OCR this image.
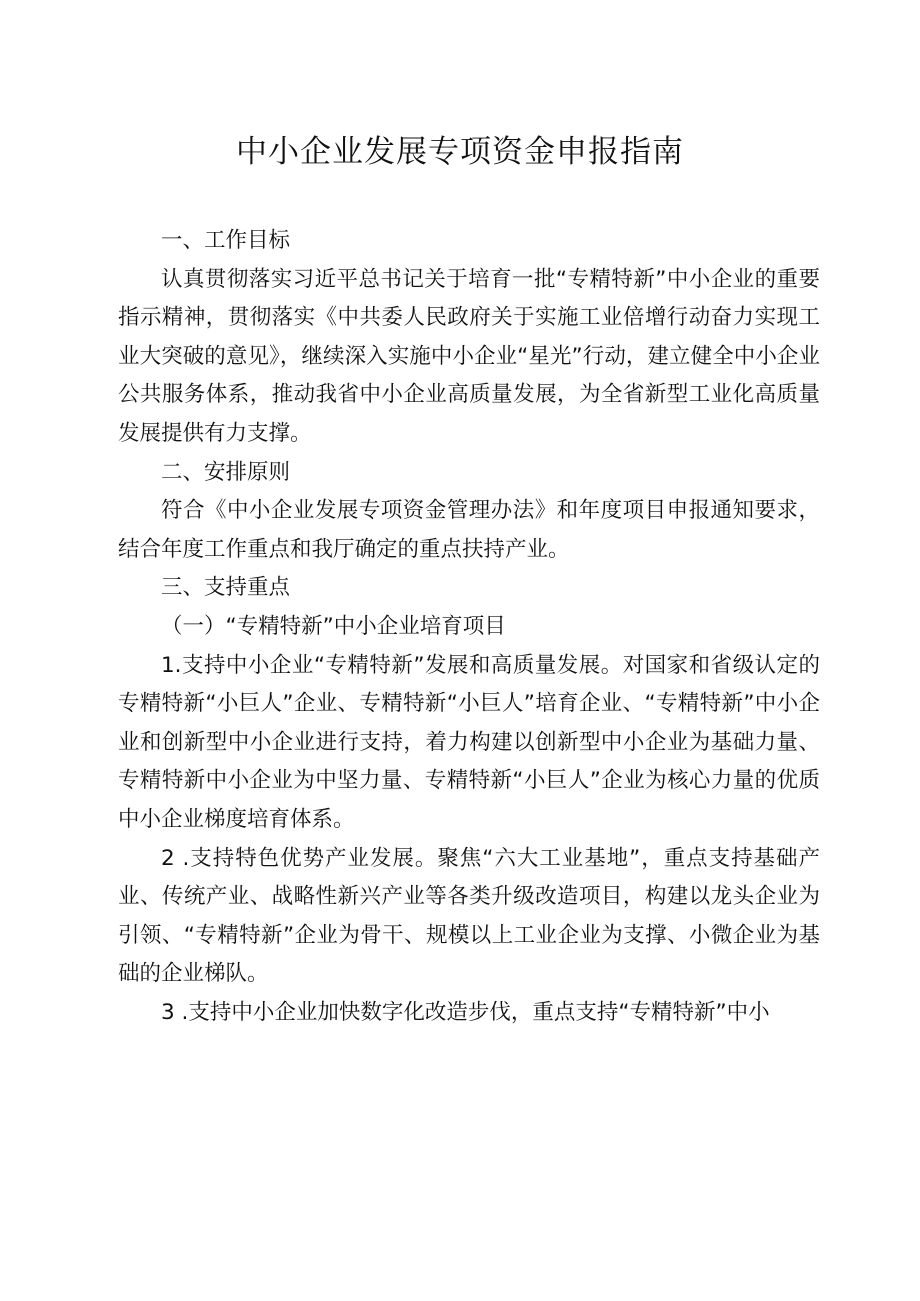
中小企业发展专项资金申报指南

一、工作目标

认真贯彻落实习近平总书记关于培育一批“专精特新”中小企业的重要指示精神，贯彻落实《中共委人民政府关于实施工业倍增行动奋力实现工业大突破的意见》，继续深入实施中小企业“星光”行动，建立健全中小企业公共服务体系，推动我省中小企业高质量发展，为全省新型工业化高质量发展提供有力支撑。

二、安排原则

符合《中小企业发展专项资金管理办法》和年度项目申报通知要求，结合年度工作重点和我厅确定的重点扶持产业。

三、支持重点

（一）“专精特新”中小企业培育项目

1.支持中小企业“专精特新”发展和高质量发展。对国家和省级认定的专精特新“小巨人”企业、专精特新“小巨人”培育企业、“专精特新”中小企业和创新型中小企业进行支持，着力构建以创新型中小企业为基础力量、专精特新中小企业为中坚力量、专精特新“小巨人”企业为核心力量的优质中小企业梯度培育体系。

2 .支持特色优势产业发展。聚焦“六大工业基地”，重点支持基础产业、传统产业、战略性新兴产业等各类升级改造项目，构建以龙头企业为引领、“专精特新”企业为骨干、规模以上工业企业为支撑、小微企业为基础的企业梯队。

3 .支持中小企业加快数字化改造步伐，重点支持“专精特新”中小
